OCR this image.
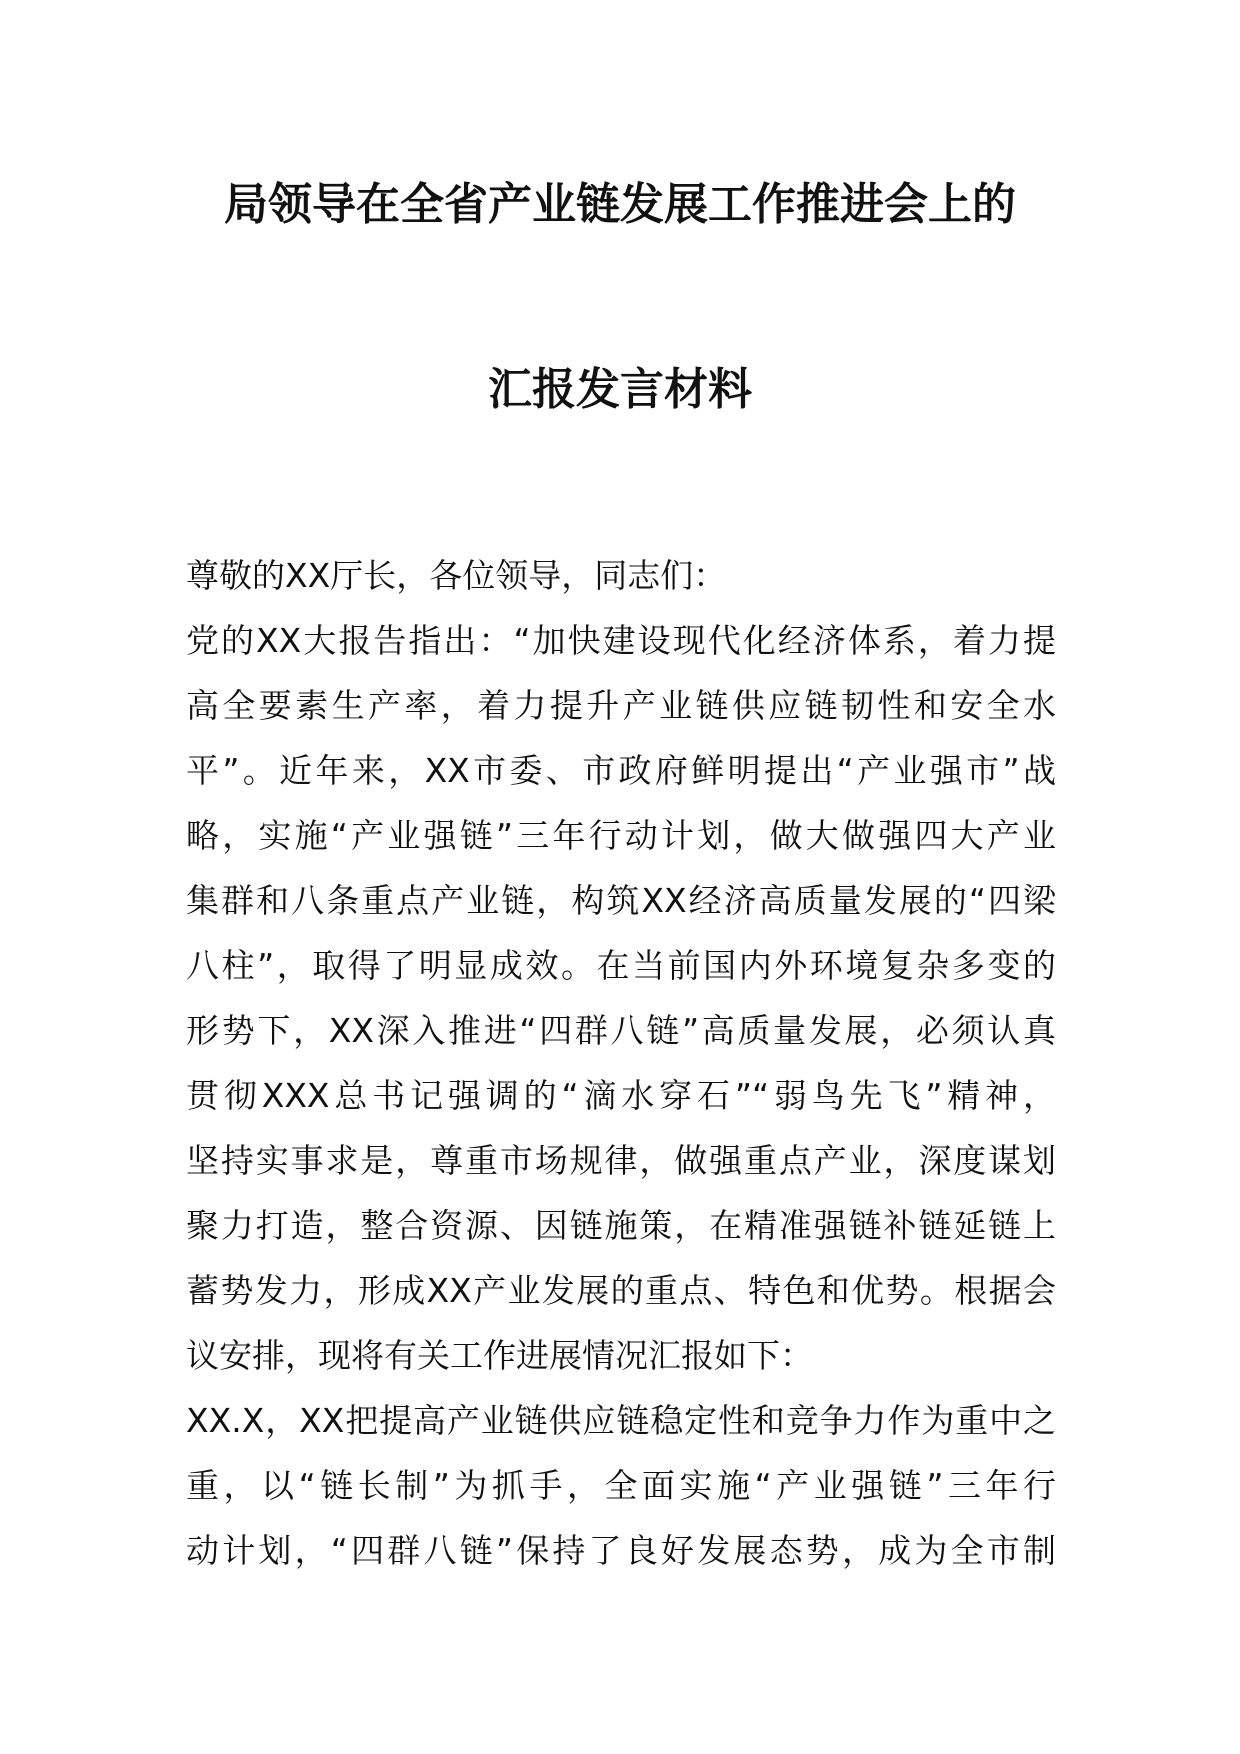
局领导在全省产业链发展工作推进会上的
汇报发言材料
尊敬的XX厅长，各位领导，同志们：
党的XX大报告指出：“加快建设现代化经济体系，着力提
高全要素生产率，着力提升产业链供应链韧性和安全水
平”。近年来，XX市委、市政府鲜明提出“产业强市”战
略，实施“产业强链”三年行动计划，做大做强四大产业
集群和八条重点产业链，构筑XX经济高质量发展的“四梁
八柱”，取得了明显成效。在当前国内外环境复杂多变的
形势下，XX深入推进“四群八链”高质量发展，必须认真
贯彻XXX总书记强调的“滴水穿石”“弱鸟先飞”精神，
坚持实事求是，尊重市场规律，做强重点产业，深度谋划
聚力打造，整合资源、因链施策，在精准强链补链延链上
蓄势发力，形成XX产业发展的重点、特色和优势。根据会
议安排，现将有关工作进展情况汇报如下：
XX.X，XX把提高产业链供应链稳定性和竞争力作为重中之
重，以“链长制”为抓手，全面实施“产业强链”三年行
动计划，“四群八链”保持了良好发展态势，成为全市制
